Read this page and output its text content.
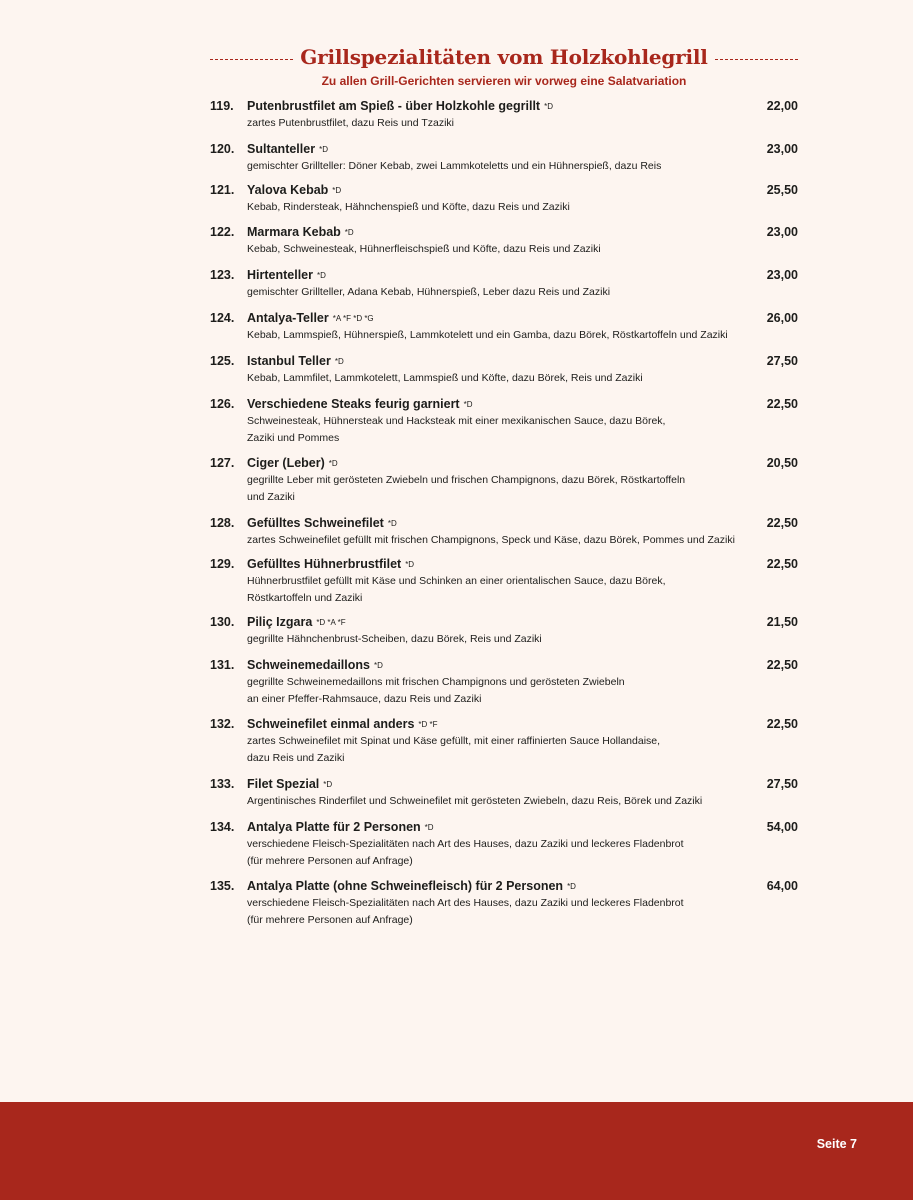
Grillspezialitäten vom Holzkohlegrill
Zu allen Grill-Gerichten servieren wir vorweg eine Salatvariation
119.	Putenbrustfilet am Spieß - über Holzkohle gegrillt *D	22,00
zartes Putenbrustfilet, dazu Reis und Tzaziki
120.	Sultanteller *D	23,00
gemischter Grillteller: Döner Kebab, zwei Lammkoteletts und ein Hühnerspieß, dazu Reis
121.	Yalova Kebab *D	25,50
Kebab, Rindersteak, Hähnchenspieß und Köfte, dazu Reis und Zaziki
122.	Marmara Kebab *D	23,00
Kebab, Schweinesteak, Hühnerfleischspieß und Köfte, dazu Reis und Zaziki
123.	Hirtenteller *D	23,00
gemischter Grillteller, Adana Kebab, Hühnerspieß, Leber dazu Reis und Zaziki
124.	Antalya-Teller *A *F *D *G	26,00
Kebab, Lammspieß, Hühnerspieß, Lammkotelett und ein Gamba, dazu Börek, Röstkartoffeln und Zaziki
125.	Istanbul Teller *D	27,50
Kebab, Lammfilet, Lammkotelett, Lammspieß und Köfte, dazu Börek, Reis und Zaziki
126.	Verschiedene Steaks feurig garniert *D	22,50
Schweinesteak, Hühnersteak und Hacksteak mit einer mexikanischen Sauce, dazu Börek,
Zaziki und Pommes
127.	Ciger (Leber) *D	20,50
gegrillte Leber mit gerösteten Zwiebeln und frischen Champignons, dazu Börek, Röstkartoffeln
und Zaziki
128.	Gefülltes Schweinefilet *D	22,50
zartes Schweinefilet gefüllt mit frischen Champignons, Speck und Käse, dazu Börek, Pommes und Zaziki
129.	Gefülltes Hühnerbrustfilet *D	22,50
Hühnerbrustfilet gefüllt mit Käse und Schinken an einer orientalischen Sauce, dazu Börek,
Röstkartoffeln und Zaziki
130.	Piliç Izgara *D *A *F	21,50
gegrillte Hähnchenbrust-Scheiben, dazu Börek, Reis und Zaziki
131.	Schweinemedaillons *D	22,50
gegrillte Schweinemedaillons mit frischen Champignons und gerösteten Zwiebeln
an einer Pfeffer-Rahmsauce, dazu Reis und Zaziki
132.	Schweinefilet einmal anders *D *F	22,50
zartes Schweinefilet mit Spinat und Käse gefüllt, mit einer raffinierten Sauce Hollandaise,
dazu Reis und Zaziki
133.	Filet Spezial *D	27,50
Argentinisches Rinderfilet und Schweinefilet mit gerösteten Zwiebeln, dazu Reis, Börek und Zaziki
134.	Antalya Platte für 2 Personen *D	54,00
verschiedene Fleisch-Spezialitäten nach Art des Hauses, dazu Zaziki und leckeres Fladenbrot
(für mehrere Personen auf Anfrage)
135.	Antalya Platte (ohne Schweinefleisch) für 2 Personen *D	64,00
verschiedene Fleisch-Spezialitäten nach Art des Hauses, dazu Zaziki und leckeres Fladenbrot
(für mehrere Personen auf Anfrage)
Seite 7
